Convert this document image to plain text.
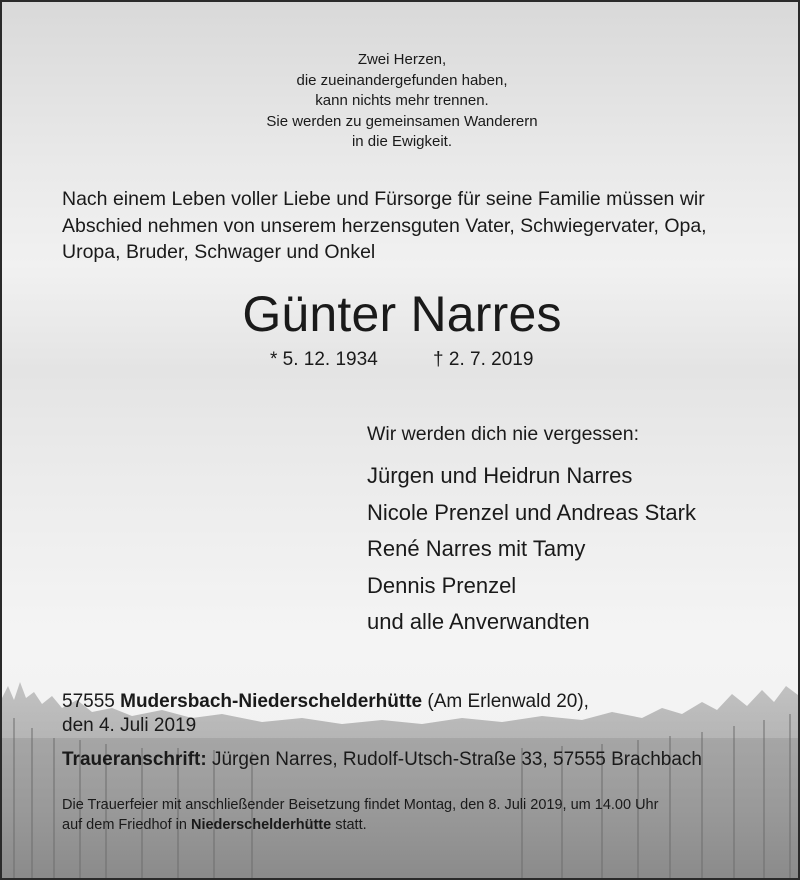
Zwei Herzen,
die zueinandergefunden haben,
kann nichts mehr trennen.
Sie werden zu gemeinsamen Wanderern
in die Ewigkeit.
Nach einem Leben voller Liebe und Fürsorge für seine Familie müssen wir
Abschied nehmen von unserem herzensguten Vater, Schwiegervater, Opa,
Uropa, Bruder, Schwager und Onkel
Günter Narres
* 5. 12. 1934	† 2. 7. 2019
Wir werden dich nie vergessen:
Jürgen und Heidrun Narres
Nicole Prenzel und Andreas Stark
René Narres mit Tamy
Dennis Prenzel
und alle Anverwandten
57555 Mudersbach-Niederschelderhütte (Am Erlenwald 20),
den 4. Juli 2019
Traueranschrift: Jürgen Narres, Rudolf-Utsch-Straße 33, 57555 Brachbach
Die Trauerfeier mit anschließender Beisetzung findet Montag, den 8. Juli 2019, um 14.00 Uhr
auf dem Friedhof in Niederschelderhütte statt.
